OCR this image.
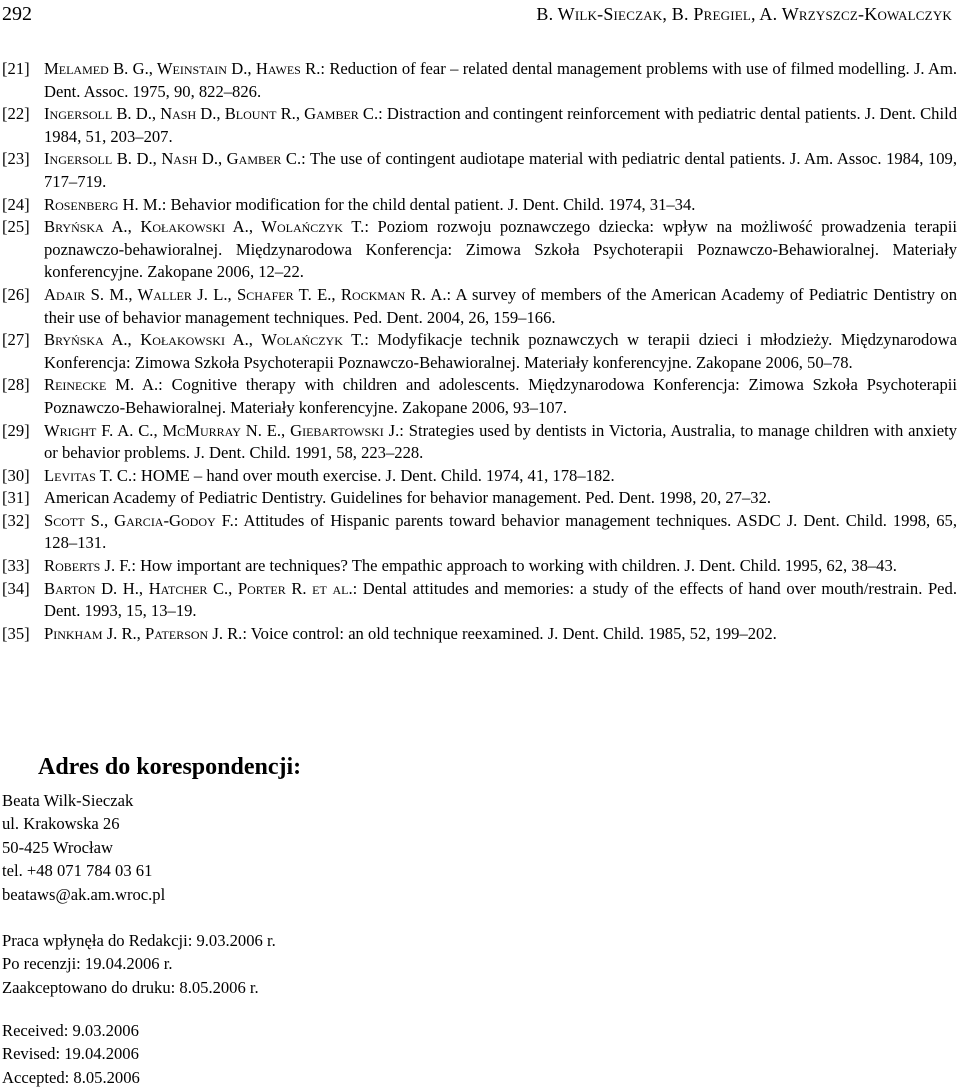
292	B. Wilk-Sieczak, B. Pregiel, A. Wrzyszcz-Kowalczyk
[21] Melamed B. G., Weinstain D., Hawes R.: Reduction of fear – related dental management problems with use of filmed modelling. J. Am. Dent. Assoc. 1975, 90, 822–826.
[22] Ingersoll B. D., Nash D., Blount R., Gamber C.: Distraction and contingent reinforcement with pediatric dental patients. J. Dent. Child 1984, 51, 203–207.
[23] Ingersoll B. D., Nash D., Gamber C.: The use of contingent audiotape material with pediatric dental patients. J. Am. Assoc. 1984, 109, 717–719.
[24] Rosenberg H. M.: Behavior modification for the child dental patient. J. Dent. Child. 1974, 31–34.
[25] Bryńska A., Kołakowski A., Wolańczyk T.: Poziom rozwoju poznawczego dziecka: wpływ na możliwość prowadzenia terapii poznawczo-behawioralnej. Międzynarodowa Konferencja: Zimowa Szkoła Psychoterapii Poznawczo-Behawioralnej. Materiały konferencyjne. Zakopane 2006, 12–22.
[26] Adair S. M., Waller J. L., Schafer T. E., Rockman R. A.: A survey of members of the American Academy of Pediatric Dentistry on their use of behavior management techniques. Ped. Dent. 2004, 26, 159–166.
[27] Bryńska A., Kołakowski A., Wolańczyk T.: Modyfikacje technik poznawczych w terapii dzieci i młodzieży. Międzynarodowa Konferencja: Zimowa Szkoła Psychoterapii Poznawczo-Behawioralnej. Materiały konferencyjne. Zakopane 2006, 50–78.
[28] Reinecke M. A.: Cognitive therapy with children and adolescents. Międzynarodowa Konferencja: Zimowa Szkoła Psychoterapii Poznawczo-Behawioralnej. Materiały konferencyjne. Zakopane 2006, 93–107.
[29] Wright F. A. C., McMurray N. E., Giebartowski J.: Strategies used by dentists in Victoria, Australia, to manage children with anxiety or behavior problems. J. Dent. Child. 1991, 58, 223–228.
[30] Levitas T. C.: HOME – hand over mouth exercise. J. Dent. Child. 1974, 41, 178–182.
[31] American Academy of Pediatric Dentistry. Guidelines for behavior management. Ped. Dent. 1998, 20, 27–32.
[32] Scott S., Garcia-Godoy F.: Attitudes of Hispanic parents toward behavior management techniques. ASDC J. Dent. Child. 1998, 65, 128–131.
[33] Roberts J. F.: How important are techniques? The empathic approach to working with children. J. Dent. Child. 1995, 62, 38–43.
[34] Barton D. H., Hatcher C., Porter R. et al.: Dental attitudes and memories: a study of the effects of hand over mouth/restrain. Ped. Dent. 1993, 15, 13–19.
[35] Pinkham J. R., Paterson J. R.: Voice control: an old technique reexamined. J. Dent. Child. 1985, 52, 199–202.
Adres do korespondencji:
Beata Wilk-Sieczak
ul. Krakowska 26
50-425 Wrocław
tel. +48 071 784 03 61
beataws@ak.am.wroc.pl
Praca wpłynęła do Redakcji: 9.03.2006 r.
Po recenzji: 19.04.2006 r.
Zaakceptowano do druku: 8.05.2006 r.
Received: 9.03.2006
Revised: 19.04.2006
Accepted: 8.05.2006
